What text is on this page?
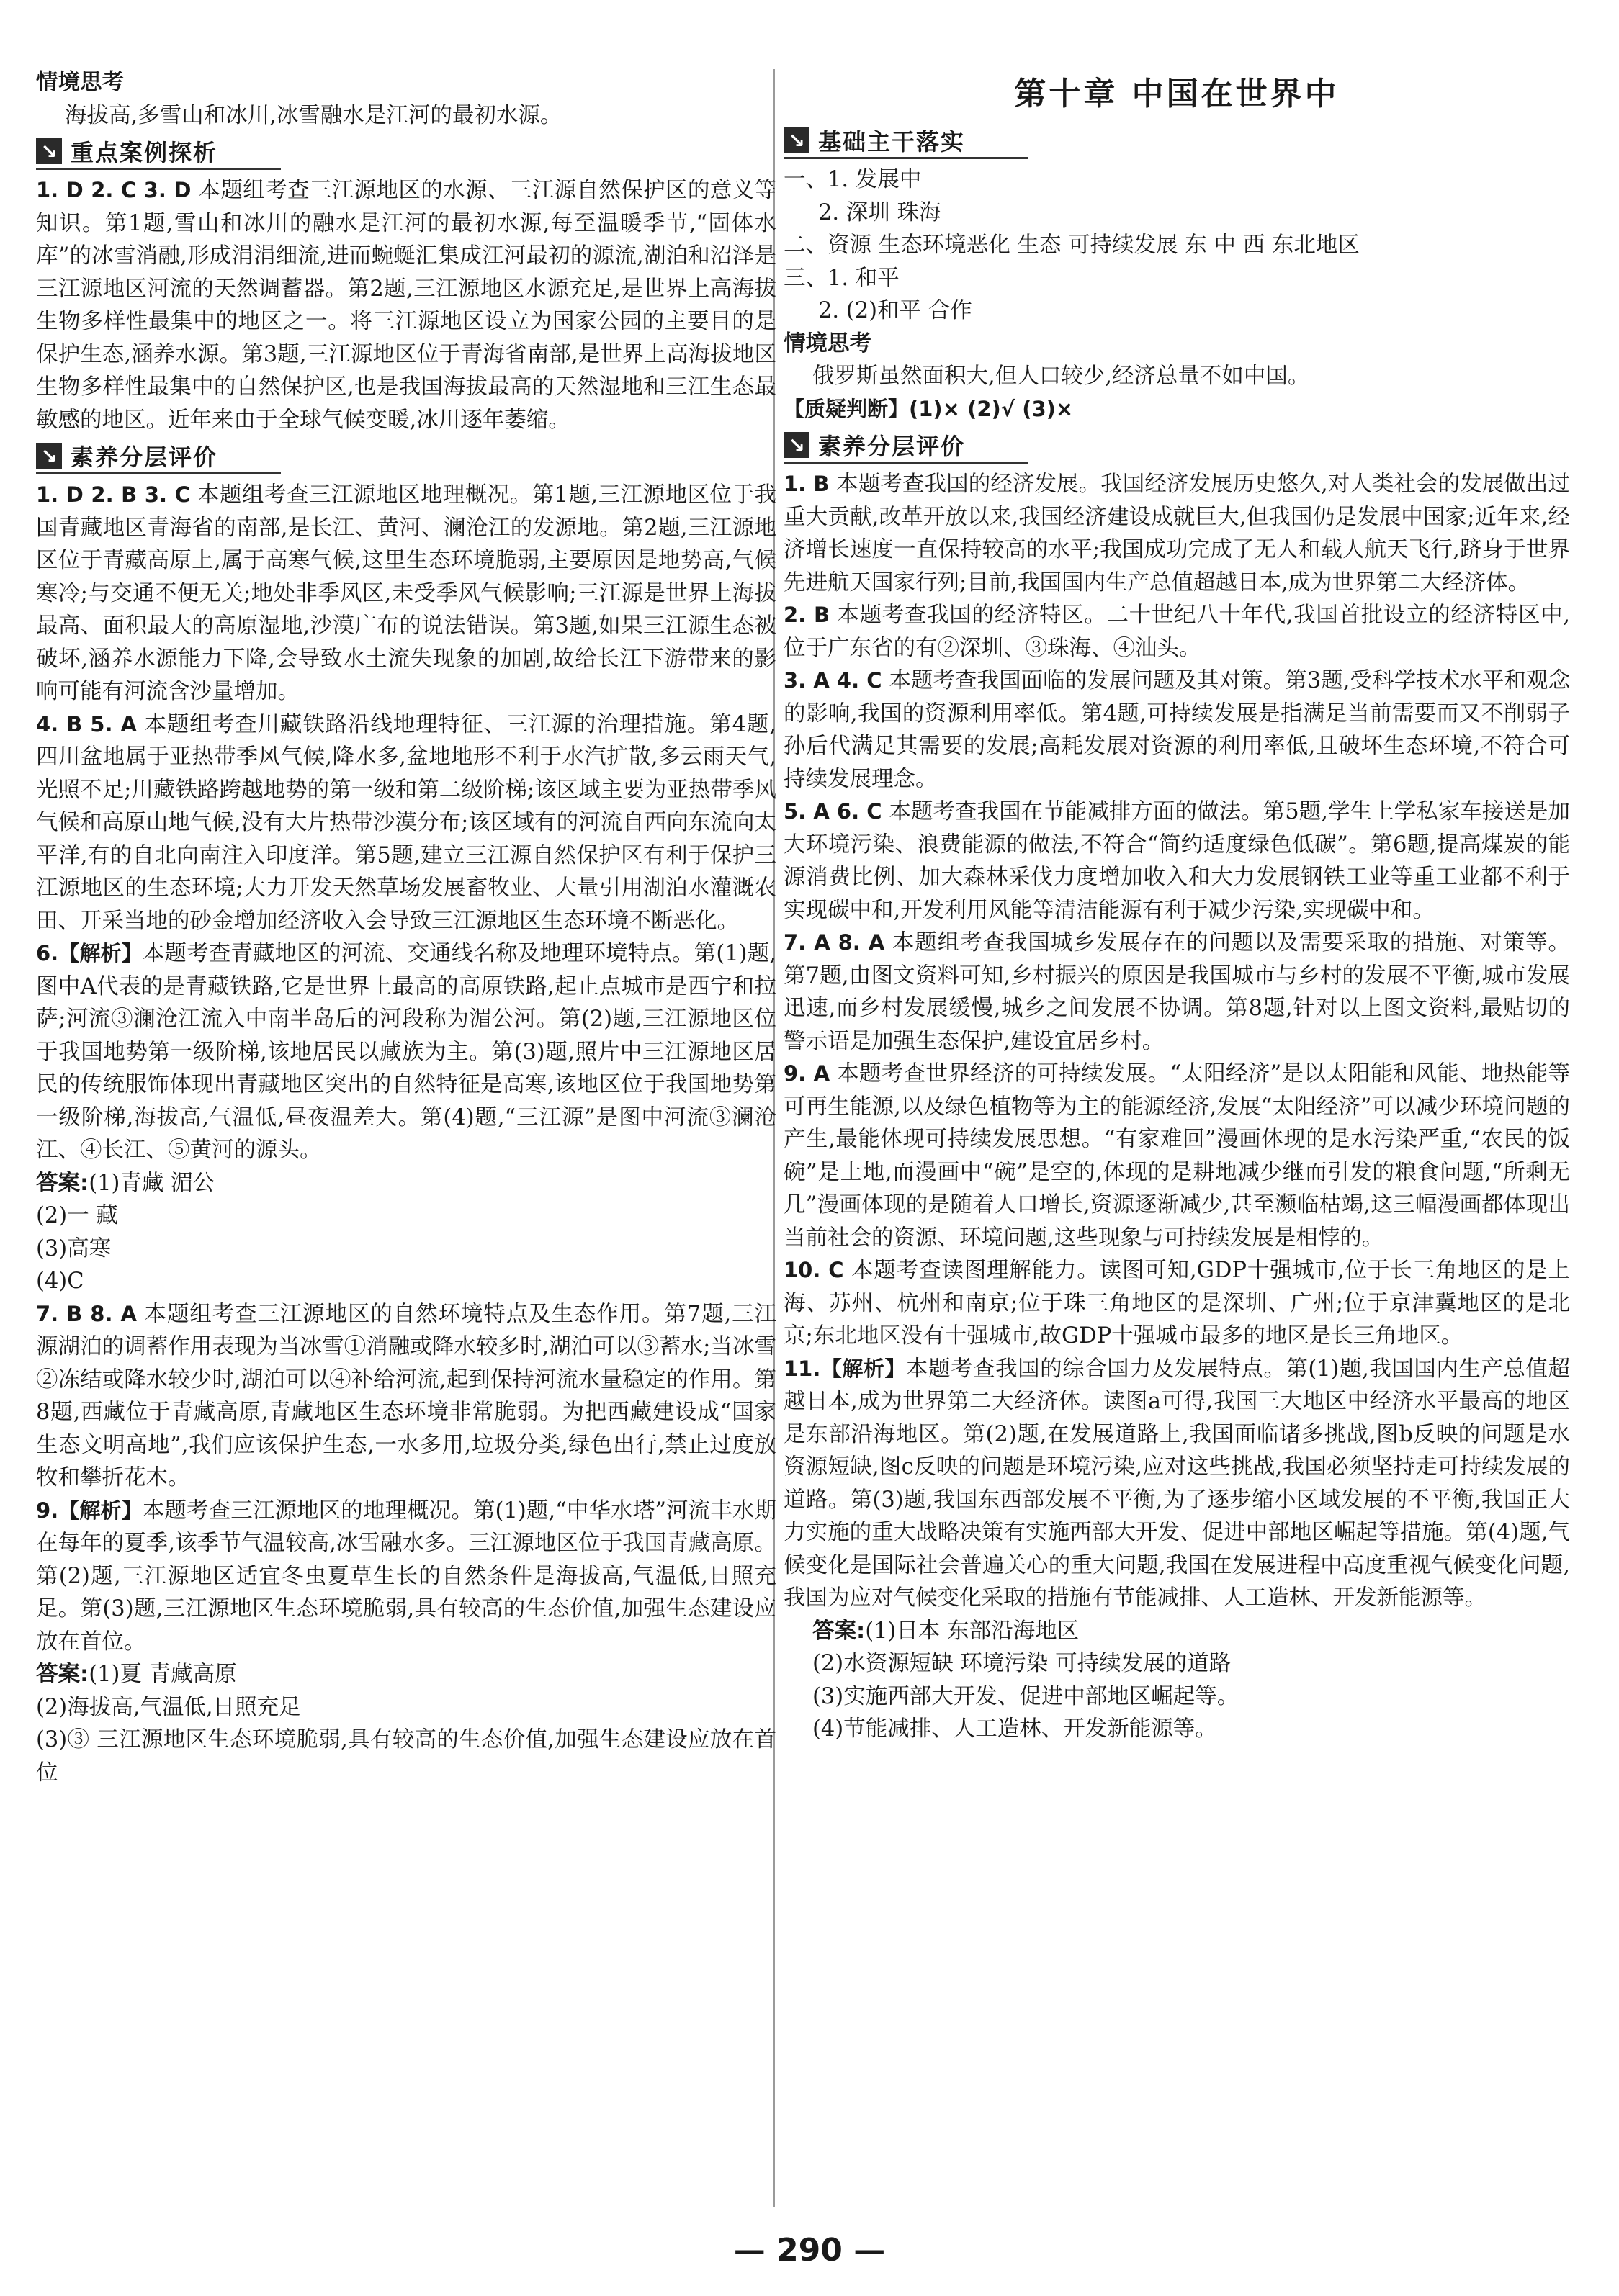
情境思考

海拔高,多雪山和冰川,冰雪融水是江河的最初水源。

↘ 重点案例探析

1. D 2. C 3. D 本题组考查三江源地区的水源、三江源自然保护区的意义等知识。第1题,雪山和冰川的融水是江河的最初水源,每至温暖季节,“固体水库”的冰雪消融,形成涓涓细流,进而蜿蜒汇集成江河最初的源流,湖泊和沼泽是三江源地区河流的天然调蓄器。第2题,三江源地区水源充足,是世界上高海拔生物多样性最集中的地区之一。将三江源地区设立为国家公园的主要目的是保护生态,涵养水源。第3题,三江源地区位于青海省南部,是世界上高海拔地区生物多样性最集中的自然保护区,也是我国海拔最高的天然湿地和三江生态最敏感的地区。近年来由于全球气候变暖,冰川逐年萎缩。

↘ 素养分层评价

1. D 2. B 3. C 本题组考查三江源地区地理概况。第1题,三江源地区位于我国青藏地区青海省的南部,是长江、黄河、澜沧江的发源地。第2题,三江源地区位于青藏高原上,属于高寒气候,这里生态环境脆弱,主要原因是地势高,气候寒冷;与交通不便无关;地处非季风区,未受季风气候影响;三江源是世界上海拔最高、面积最大的高原湿地,沙漠广布的说法错误。第3题,如果三江源生态被破坏,涵养水源能力下降,会导致水土流失现象的加剧,故给长江下游带来的影响可能有河流含沙量增加。

4. B 5. A 本题组考查川藏铁路沿线地理特征、三江源的治理措施。第4题,四川盆地属于亚热带季风气候,降水多,盆地地形不利于水汽扩散,多云雨天气,光照不足;川藏铁路跨越地势的第一级和第二级阶梯;该区域主要为亚热带季风气候和高原山地气候,没有大片热带沙漠分布;该区域有的河流自西向东流向太平洋,有的自北向南注入印度洋。第5题,建立三江源自然保护区有利于保护三江源地区的生态环境;大力开发天然草场发展畜牧业、大量引用湖泊水灌溉农田、开采当地的砂金增加经济收入会导致三江源地区生态环境不断恶化。

6.【解析】本题考查青藏地区的河流、交通线名称及地理环境特点。第(1)题,图中A代表的是青藏铁路,它是世界上最高的高原铁路,起止点城市是西宁和拉萨;河流③澜沧江流入中南半岛后的河段称为湄公河。第(2)题,三江源地区位于我国地势第一级阶梯,该地居民以藏族为主。第(3)题,照片中三江源地区居民的传统服饰体现出青藏地区突出的自然特征是高寒,该地区位于我国地势第一级阶梯,海拔高,气温低,昼夜温差大。第(4)题,“三江源”是图中河流③澜沧江、④长江、⑤黄河的源头。

答案:(1)青藏 湄公

(2)一 藏

(3)高寒

(4)C

7. B 8. A 本题组考查三江源地区的自然环境特点及生态作用。第7题,三江源湖泊的调蓄作用表现为当冰雪①消融或降水较多时,湖泊可以③蓄水;当冰雪②冻结或降水较少时,湖泊可以④补给河流,起到保持河流水量稳定的作用。第8题,西藏位于青藏高原,青藏地区生态环境非常脆弱。为把西藏建设成“国家生态文明高地”,我们应该保护生态,一水多用,垃圾分类,绿色出行,禁止过度放牧和攀折花木。

9.【解析】本题考查三江源地区的地理概况。第(1)题,“中华水塔”河流丰水期在每年的夏季,该季节气温较高,冰雪融水多。三江源地区位于我国青藏高原。第(2)题,三江源地区适宜冬虫夏草生长的自然条件是海拔高,气温低,日照充足。第(3)题,三江源地区生态环境脆弱,具有较高的生态价值,加强生态建设应放在首位。

答案:(1)夏 青藏高原

(2)海拔高,气温低,日照充足

(3)③ 三江源地区生态环境脆弱,具有较高的生态价值,加强生态建设应放在首位

第十章 中国在世界中
↘ 基础主干落实

一、1. 发展中

2. 深圳 珠海

二、资源 生态环境恶化 生态 可持续发展 东 中 西 东北地区

三、1. 和平

2. (2)和平 合作

情境思考

俄罗斯虽然面积大,但人口较少,经济总量不如中国。

【质疑判断】(1)× (2)√ (3)×

↘ 素养分层评价

1. B 本题考查我国的经济发展。我国经济发展历史悠久,对人类社会的发展做出过重大贡献,改革开放以来,我国经济建设成就巨大,但我国仍是发展中国家;近年来,经济增长速度一直保持较高的水平;我国成功完成了无人和载人航天飞行,跻身于世界先进航天国家行列;目前,我国国内生产总值超越日本,成为世界第二大经济体。

2. B 本题考查我国的经济特区。二十世纪八十年代,我国首批设立的经济特区中,位于广东省的有②深圳、③珠海、④汕头。

3. A 4. C 本题考查我国面临的发展问题及其对策。第3题,受科学技术水平和观念的影响,我国的资源利用率低。第4题,可持续发展是指满足当前需要而又不削弱子孙后代满足其需要的发展;高耗发展对资源的利用率低,且破坏生态环境,不符合可持续发展理念。

5. A 6. C 本题考查我国在节能减排方面的做法。第5题,学生上学私家车接送是加大环境污染、浪费能源的做法,不符合“简约适度绿色低碳”。第6题,提高煤炭的能源消费比例、加大森林采伐力度增加收入和大力发展钢铁工业等重工业都不利于实现碳中和,开发利用风能等清洁能源有利于减少污染,实现碳中和。

7. A 8. A 本题组考查我国城乡发展存在的问题以及需要采取的措施、对策等。第7题,由图文资料可知,乡村振兴的原因是我国城市与乡村的发展不平衡,城市发展迅速,而乡村发展缓慢,城乡之间发展不协调。第8题,针对以上图文资料,最贴切的警示语是加强生态保护,建设宜居乡村。

9. A 本题考查世界经济的可持续发展。“太阳经济”是以太阳能和风能、地热能等可再生能源,以及绿色植物等为主的能源经济,发展“太阳经济”可以减少环境问题的产生,最能体现可持续发展思想。“有家难回”漫画体现的是水污染严重,“农民的饭碗”是土地,而漫画中“碗”是空的,体现的是耕地减少继而引发的粮食问题,“所剩无几”漫画体现的是随着人口增长,资源逐渐减少,甚至濒临枯竭,这三幅漫画都体现出当前社会的资源、环境问题,这些现象与可持续发展是相悖的。

10. C 本题考查读图理解能力。读图可知,GDP十强城市,位于长三角地区的是上海、苏州、杭州和南京;位于珠三角地区的是深圳、广州;位于京津冀地区的是北京;东北地区没有十强城市,故GDP十强城市最多的地区是长三角地区。

11.【解析】本题考查我国的综合国力及发展特点。第(1)题,我国国内生产总值超越日本,成为世界第二大经济体。读图a可得,我国三大地区中经济水平最高的地区是东部沿海地区。第(2)题,在发展道路上,我国面临诸多挑战,图b反映的问题是水资源短缺,图c反映的问题是环境污染,应对这些挑战,我国必须坚持走可持续发展的道路。第(3)题,我国东西部发展不平衡,为了逐步缩小区域发展的不平衡,我国正大力实施的重大战略决策有实施西部大开发、促进中部地区崛起等措施。第(4)题,气候变化是国际社会普遍关心的重大问题,我国在发展进程中高度重视气候变化问题,我国为应对气候变化采取的措施有节能减排、人工造林、开发新能源等。

答案:(1)日本 东部沿海地区

(2)水资源短缺 环境污染 可持续发展的道路

(3)实施西部大开发、促进中部地区崛起等。

(4)节能减排、人工造林、开发新能源等。

— 290 —
